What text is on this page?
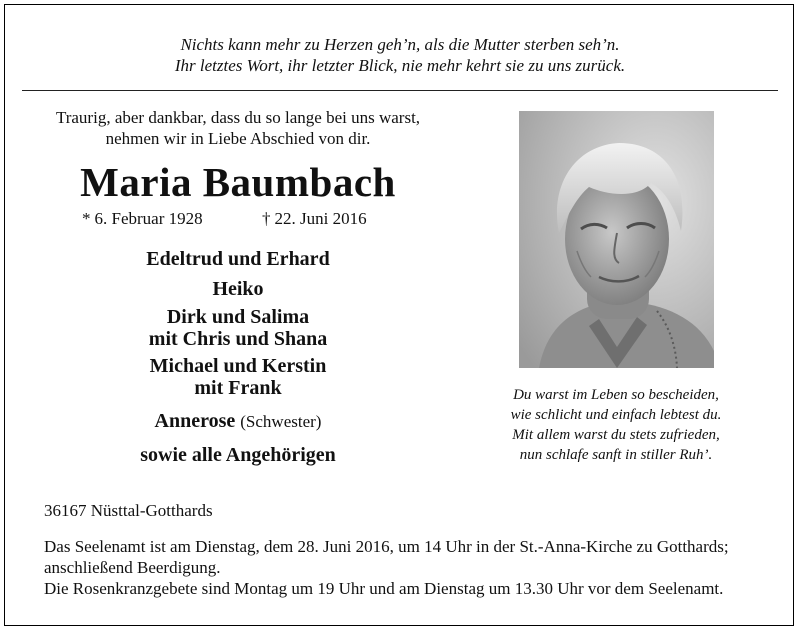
Nichts kann mehr zu Herzen geh’n, als die Mutter sterben seh’n.
Ihr letztes Wort, ihr letzter Blick, nie mehr kehrt sie zu uns zurück.
Traurig, aber dankbar, dass du so lange bei uns warst,
nehmen wir in Liebe Abschied von dir.
Maria Baumbach
* 6. Februar 1928	† 22. Juni 2016
Edeltrud und Erhard
Heiko
Dirk und Salima
mit Chris und Shana
Michael und Kerstin
mit Frank
Annerose (Schwester)
sowie alle Angehörigen
Du warst im Leben so bescheiden,
wie schlicht und einfach lebtest du.
Mit allem warst du stets zufrieden,
nun schlafe sanft in stiller Ruh’.
36167 Nüsttal-Gotthards
Das Seelenamt ist am Dienstag, dem 28. Juni 2016, um 14 Uhr in der St.-Anna-Kirche zu Gotthards;
anschließend Beerdigung.
Die Rosenkranzgebete sind Montag um 19 Uhr und am Dienstag um 13.30 Uhr vor dem Seelenamt.
